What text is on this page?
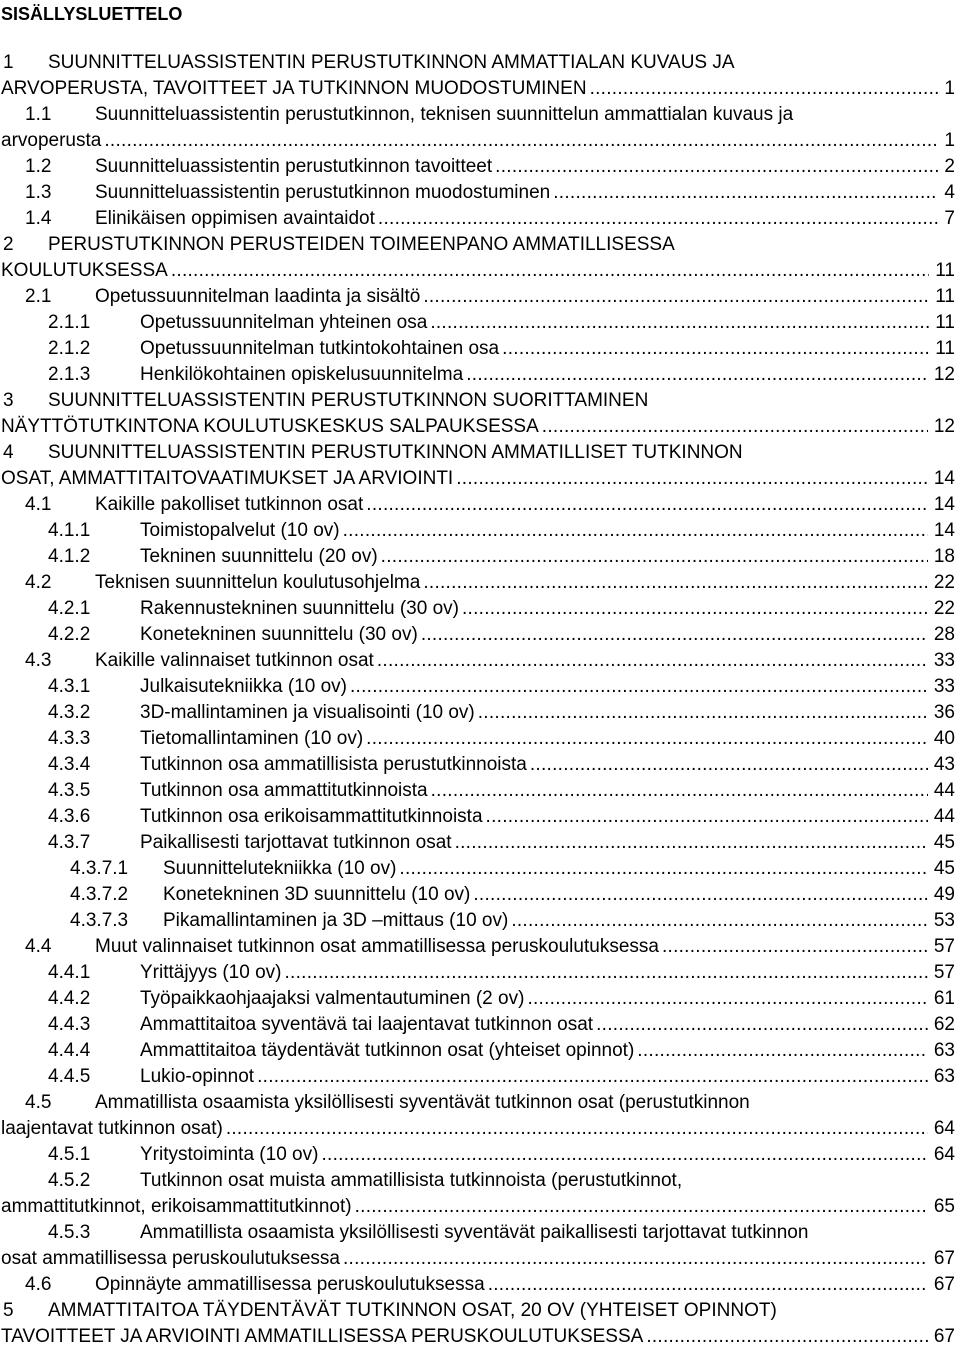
SISÄLLYSLUETTELO
1 SUUNNITTELUASSISTENTIN PERUSTUTKINNON AMMATTIALAN KUVAUS JA
ARVOPERUSTA, TAVOITTEET JA TUTKINNON MUODOSTUMINEN	1
. . .
1.1 Suunnitteluassistentin perustutkinnon, teknisen suunnittelun ammattialan kuvaus ja
arvoperusta	1
. . .
1.2 Suunnitteluassistentin perustutkinnon tavoitteet	2
. . .
1.3 Suunnitteluassistentin perustutkinnon muodostuminen	4
. . .
1.4 Elinikäisen oppimisen avaintaidot	7
. . .
2 PERUSTUTKINNON PERUSTEIDEN TOIMEENPANO AMMATILLISESSA
KOULUTUKSESSA	11
. . .
2.1 Opetussuunnitelman laadinta ja sisältö	11
. . .
2.1.1	Opetussuunnitelman yhteinen osa	11
. . .
2.1.2	Opetussuunnitelman tutkintokohtainen osa	11
. . .
2.1.3	Henkilökohtainen opiskelusuunnitelma	12
. . .
3 SUUNNITTELUASSISTENTIN PERUSTUTKINNON SUORITTAMINEN
NÄYTTÖTUTKINTONA KOULUTUSKESKUS SALPAUKSESSA	12
. . .
4 SUUNNITTELUASSISTENTIN PERUSTUTKINNON AMMATILLISET TUTKINNON
OSAT, AMMATTITAITOVAATIMUKSET JA ARVIOINTI	14
. . .
4.1 Kaikille pakolliset tutkinnon osat	14
. . .
4.1.1	Toimistopalvelut (10 ov)	14
. . .
4.1.2	Tekninen suunnittelu (20 ov)	18
. . .
4.2 Teknisen suunnittelun koulutusohjelma	22
. . .
4.2.1	Rakennustekninen suunnittelu (30 ov)	22
. . .
4.2.2	Konetekninen suunnittelu (30 ov)	28
. . .
4.3 Kaikille valinnaiset tutkinnon osat	33
. . .
4.3.1	Julkaisutekniikka (10 ov)	33
. . .
4.3.2	3D-mallintaminen ja visualisointi (10 ov)	36
. . .
4.3.3	Tietomallintaminen (10 ov)	40
. . .
4.3.4	Tutkinnon osa ammatillisista perustutkinnoista	43
. . .
4.3.5	Tutkinnon osa ammattitutkinnoista	44
. . .
4.3.6	Tutkinnon osa erikoisammattitutkinnoista	44
. . .
4.3.7	Paikallisesti tarjottavat tutkinnon osat	45
. . .
4.3.7.1 Suunnittelutekniikka (10 ov)	45
. . .
4.3.7.2 Konetekninen 3D suunnittelu (10 ov)	49
. . .
4.3.7.3 Pikamallintaminen ja 3D –mittaus (10 ov)	53
. . .
4.4 Muut valinnaiset tutkinnon osat ammatillisessa peruskoulutuksessa	57
. . .
4.4.1	Yrittäjyys (10 ov)	57
. . .
4.4.2	Työpaikkaohjaajaksi valmentautuminen (2 ov)	61
. . .
4.4.3	Ammattitaitoa syventävä tai laajentavat tutkinnon osat	62
. . .
4.4.4	Ammattitaitoa täydentävät tutkinnon osat (yhteiset opinnot)	63
. . .
4.4.5	Lukio-opinnot	63
. . .
4.5 Ammatillista osaamista yksilöllisesti syventävät tutkinnon osat (perustutkinnon
laajentavat tutkinnon osat)	64
. . .
4.5.1	Yritystoiminta (10 ov)	64
. . .
4.5.2	Tutkinnon osat muista ammatillisista tutkinnoista (perustutkinnot,
ammattitutkinnot, erikoisammattitutkinnot)	65
. . .
4.5.3	Ammatillista osaamista yksilöllisesti syventävät paikallisesti tarjottavat tutkinnon
osat ammatillisessa peruskoulutuksessa	67
. . .
4.6 Opinnäyte ammatillisessa peruskoulutuksessa	67
. . .
5 AMMATTITAITOA TÄYDENTÄVÄT TUTKINNON OSAT, 20 OV (YHTEISET OPINNOT)
TAVOITTEET JA ARVIOINTI AMMATILLISESSA PERUSKOULUTUKSESSA	67
. . .
